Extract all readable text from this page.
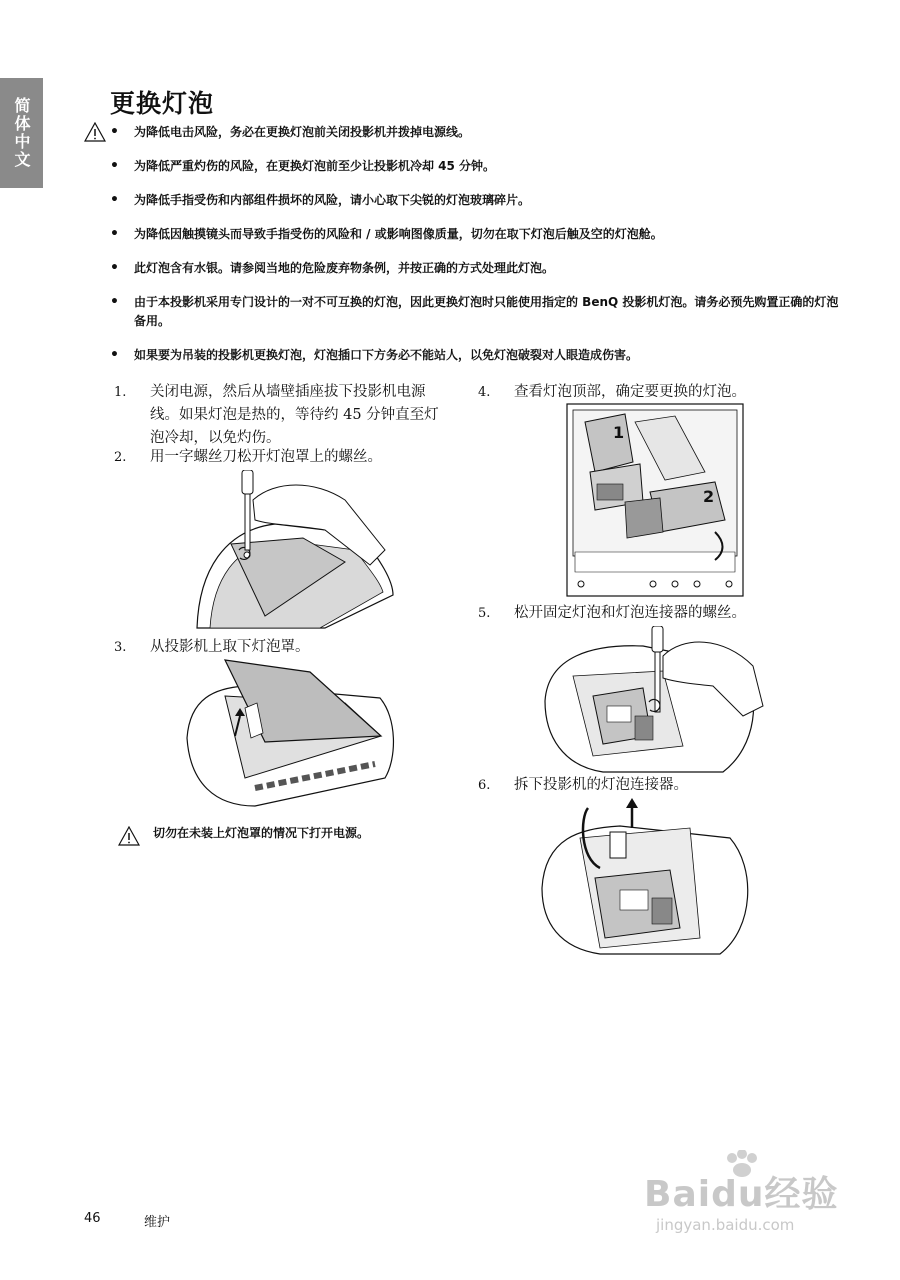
简体中文	更换灯泡
• 为降低电击风险，务必在更换灯泡前关闭投影机并拨掉电源线。
• 为降低严重灼伤的风险，在更换灯泡前至少让投影机冷却 45 分钟。
• 为降低手指受伤和内部组件损坏的风险，请小心取下尖锐的灯泡玻璃碎片。
• 为降低因触摸镜头而导致手指受伤的风险和 / 或影响图像质量，切勿在取下灯泡后触及空的灯泡舱。
• 此灯泡含有水银。请参阅当地的危险废弃物条例，并按正确的方式处理此灯泡。
• 由于本投影机采用专门设计的一对不可互换的灯泡，因此更换灯泡时只能使用指定的 BenQ 投影机灯泡。请务必预先购置正确的灯泡备用。
• 如果要为吊装的投影机更换灯泡，灯泡插口下方务必不能站人，以免灯泡破裂对人眼造成伤害。
1. 关闭电源，然后从墙壁插座拔下投影机电源
线。如果灯泡是热的，等待约 45 分钟直至灯
泡冷却，以免灼伤。
2. 用一字螺丝刀松开灯泡罩上的螺丝。
3. 从投影机上取下灯泡罩。
切勿在未装上灯泡罩的情况下打开电源。
4. 查看灯泡顶部，确定要更换的灯泡。
1
2
5. 松开固定灯泡和灯泡连接器的螺丝。
6. 拆下投影机的灯泡连接器。
46	维护
Baidu经验
jingyan.baidu.com
